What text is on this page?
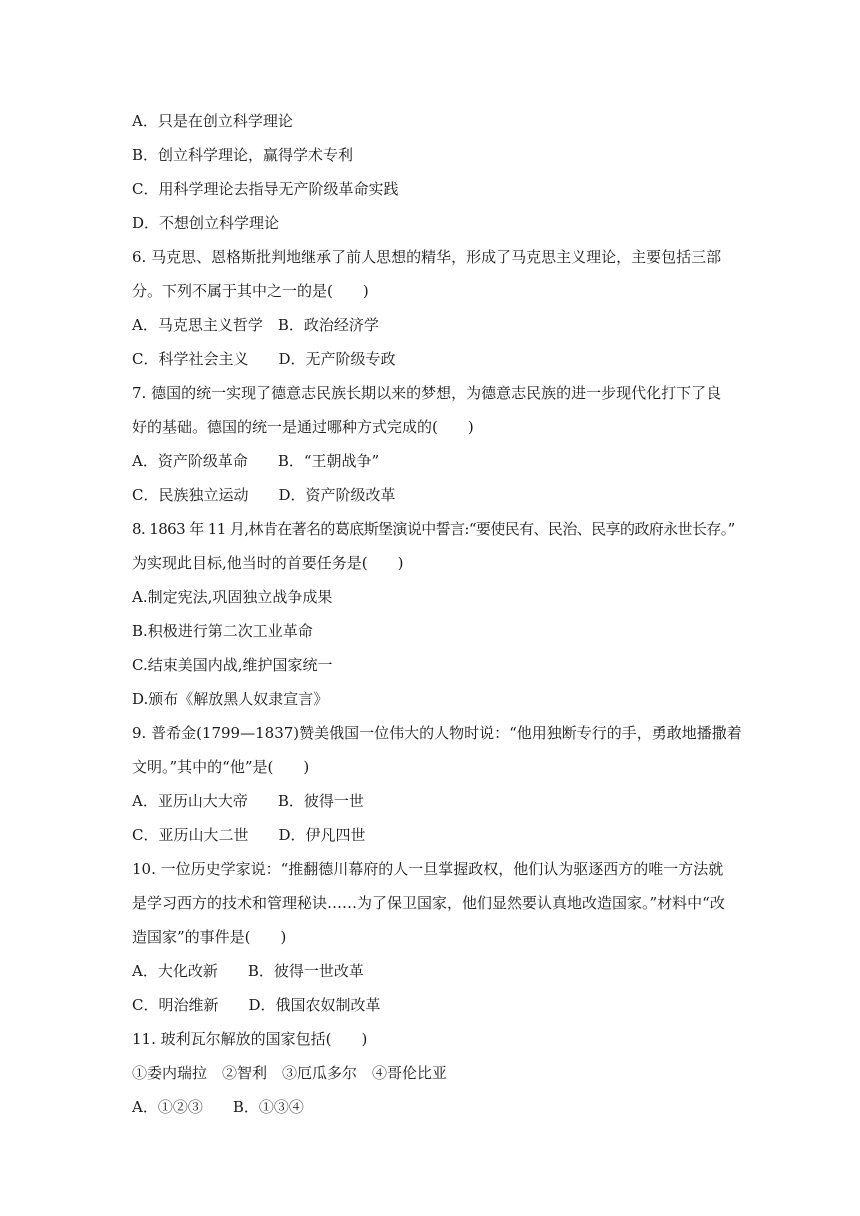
A．只是在创立科学理论
B．创立科学理论，赢得学术专利
C．用科学理论去指导无产阶级革命实践
D．不想创立科学理论
6. 马克思、恩格斯批判地继承了前人思想的精华，形成了马克思主义理论，主要包括三部
分。下列不属于其中之一的是(　　)
A．马克思主义哲学　B．政治经济学
C．科学社会主义　　D．无产阶级专政
7. 德国的统一实现了德意志民族长期以来的梦想，为德意志民族的进一步现代化打下了良
好的基础。德国的统一是通过哪种方式完成的(　　)
A．资产阶级革命　　B．“王朝战争”
C．民族独立运动　　D．资产阶级改革
8. 1863 年 11 月,林肯在著名的葛底斯堡演说中誓言:“要使民有、民治、民享的政府永世长存。”
为实现此目标,他当时的首要任务是(　　)
A.制定宪法,巩固独立战争成果
B.积极进行第二次工业革命
C.结束美国内战,维护国家统一
D.颁布《解放黑人奴隶宣言》
9. 普希金(1799—1837)赞美俄国一位伟大的人物时说：“他用独断专行的手，勇敢地播撒着
文明。”其中的“他”是(　　)
A．亚历山大大帝　　B．彼得一世
C．亚历山大二世　　D．伊凡四世
10. 一位历史学家说：“推翻德川幕府的人一旦掌握政权，他们认为驱逐西方的唯一方法就
是学习西方的技术和管理秘诀……为了保卫国家，他们显然要认真地改造国家。”材料中“改
造国家”的事件是(　　)
A．大化改新　　B．彼得一世改革
C．明治维新　　D．俄国农奴制改革
11. 玻利瓦尔解放的国家包括(　　)
①委内瑞拉　②智利　③厄瓜多尔　④哥伦比亚
A．①②③　　B．①③④
